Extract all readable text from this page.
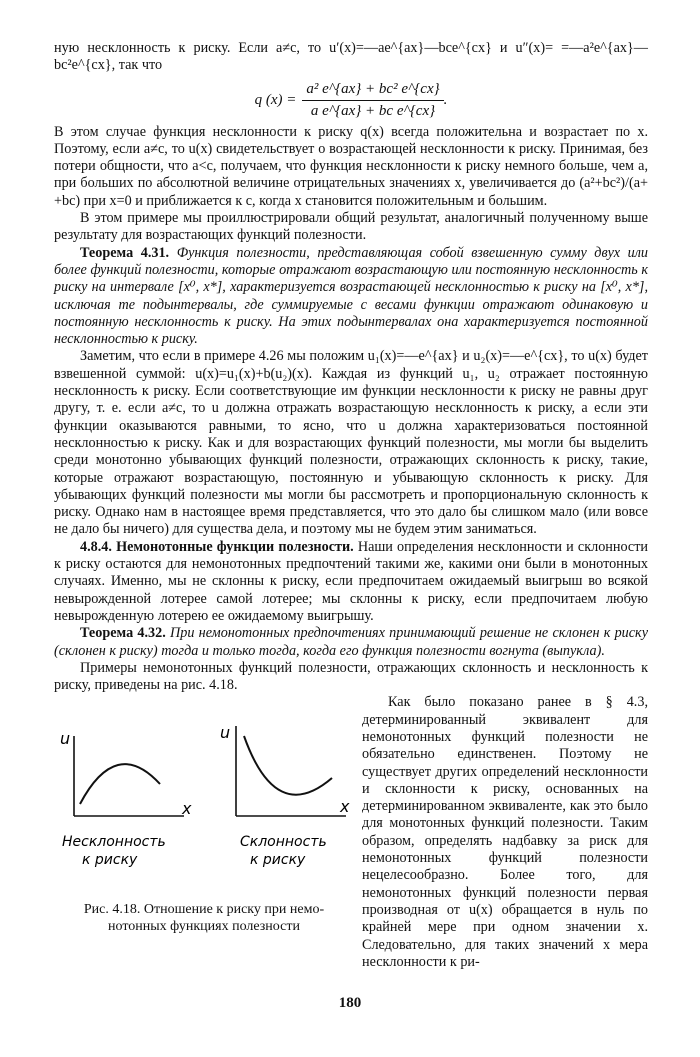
ную несклонность к риску. Если a≠c, то u′(x)=—ae^{ax}—bce^{cx} и u″(x)= =—a²e^{ax}—bc²e^{cx}, так что

q $(x) = \frac{\text{a² e\textasciicircum{}\{ax\} + bc² e\textasciicircum{}\{cx\}}}{\text{a e\textasciicircum{}\{ax\} + bc e\textasciicircum{}\{cx\}}}$ .

В этом случае функция несклонности к риску q(x) всегда положительна и возрастает по x. Поэтому, если a≠c, то u(x) свидетельствует о возрастающей несклонности к риску. Принимая, без потери общности, что a<c, получаем, что функция несклонности к риску немного больше, чем a, при больших по абсолютной величине отрицательных значениях x, увеличивается до (a²+bc²)/(a+ +bc) при x=0 и приближается к c, когда x становится положительным и большим.

В этом примере мы проиллюстрировали общий результат, аналогичный полученному выше результату для возрастающих функций полезности.

Теорема 4.31. Функция полезности, представляющая собой взвешенную сумму двух или более функций полезности, которые отражают возрастающую или постоянную несклонность к риску на интервале [x⁰, x*], характеризуется возрастающей несклонностью к риску на [x⁰, x*], исключая те подынтервалы, где суммируемые с весами функции отражают одинаковую и постоянную несклонность к риску. На этих подынтервалах она характеризуется постоянной несклонностью к риску.

Заметим, что если в примере 4.26 мы положим u₁(x)=—e^{ax} и u₂(x)=—e^{cx}, то u(x) будет взвешенной суммой: u(x)=u₁(x)+b(u₂)(x). Каждая из функций u₁, u₂ отражает постоянную несклонность к риску. Если соответствующие им функции несклонности к риску не равны друг другу, т. е. если a≠c, то u должна отражать возрастающую несклонность к риску, а если эти функции оказываются равными, то ясно, что u должна характеризоваться постоянной несклонностью к риску. Как и для возрастающих функций полезности, мы могли бы выделить среди монотонно убывающих функций полезности, отражающих склонность к риску, такие, которые отражают возрастающую, постоянную и убывающую склонность к риску. Для убывающих функций полезности мы могли бы рассмотреть и пропорциональную склонность к риску. Однако нам в настоящее время представляется, что это дало бы слишком мало (или вовсе не дало бы ничего) для существа дела, и поэтому мы не будем этим заниматься.

4.8.4. Немонотонные функции полезности. Наши определения несклонности и склонности к риску остаются для немонотонных предпочтений такими же, какими они были в монотонных случаях. Именно, мы не склонны к риску, если предпочитаем ожидаемый выигрыш во всякой невырожденной лотерее самой лотерее; мы склонны к риску, если предпочитаем любую невырожденную лотерею ее ожидаемому выигрышу.

Теорема 4.32. При немонотонных предпочтениях принимающий решение не склонен к риску (склонен к риску) тогда и только тогда, когда его функция полезности вогнута (выпукла).

Примеры немонотонных функций полезности, отражающих склонность и несклонность к риску, приведены на рис. 4.18.

u
x
Несклонность
к риску
u
x
Склонность
к риску
Рис. 4.18. Отношение к риску при немо-
нотонных функциях полезности

Как было показано ранее в § 4.3, детерминированный эквивалент для немонотонных функций полезности не обязательно единственен. Поэтому не существует других определений несклонности и склонности к риску, основанных на детерминированном эквиваленте, как это было для монотонных функций полезности. Таким образом, определять надбавку за риск для немонотонных функций полезности нецелесообразно. Более того, для немонотонных функций полезности первая производная от u(x) обращается в нуль по крайней мере при одном значении x. Следовательно, для таких значений x мера несклонности к ри-

180
